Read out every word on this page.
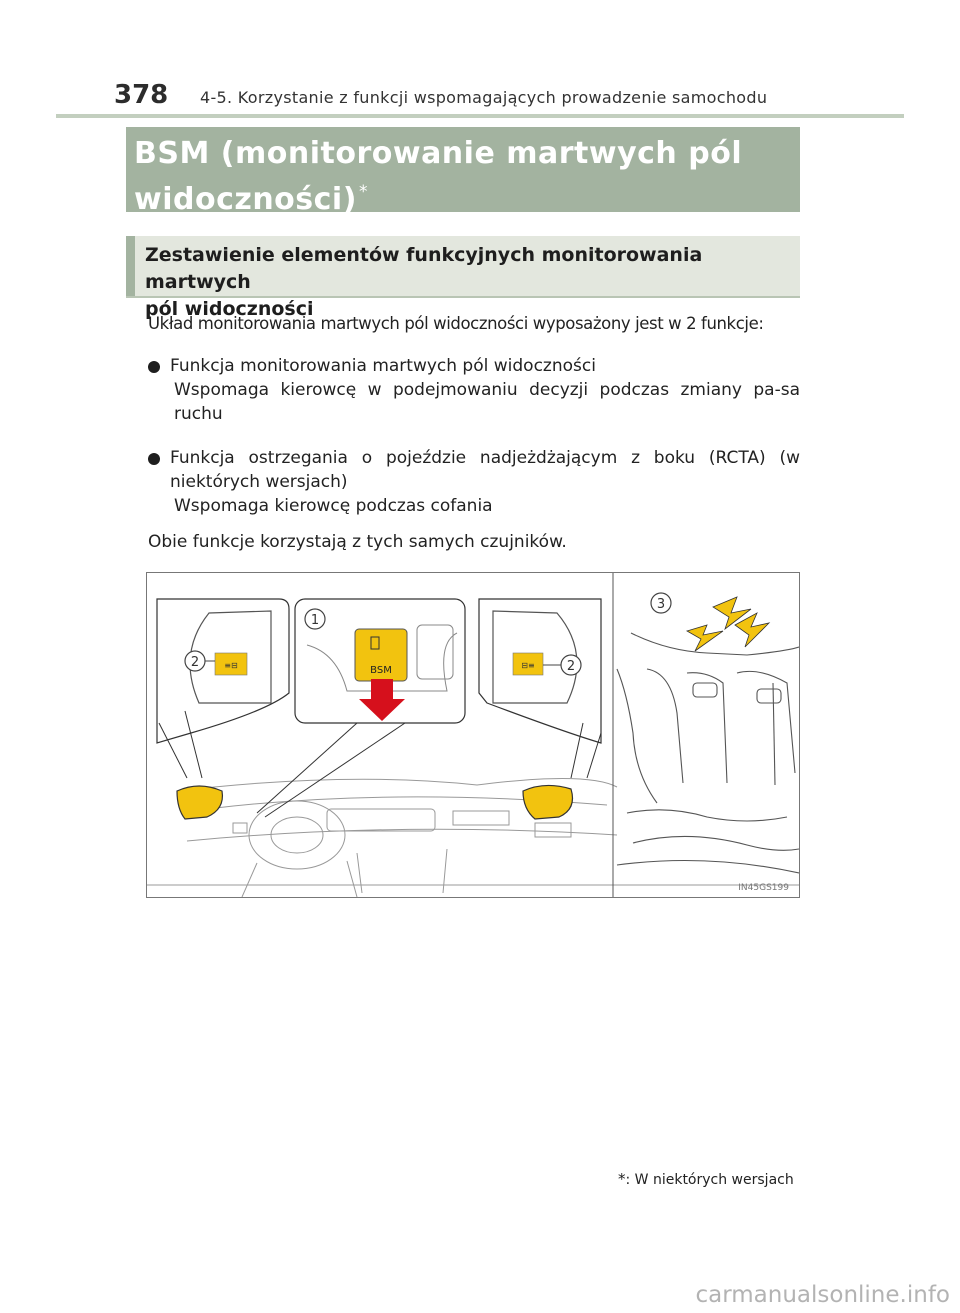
378 4-5. Korzystanie z funkcji wspomagających prowadzenie samochodu
BSM (monitorowanie martwych pól
widoczności) *
Zestawienie elementów funkcyjnych monitorowania martwych
pól widoczności
Układ monitorowania martwych pól widoczności wyposażony jest w 2 funkcje:
Funkcja monitorowania martwych pól widoczności
Wspomaga kierowcę w podejmowaniu decyzji podczas zmiany pa-sa ruchu
Funkcja ostrzegania o pojeździe nadjeżdżającym z boku (RCTA) (w niektórych wersjach)
Wspomaga kierowcę podczas cofania
Obie funkcje korzystają z tych samych czujników.
≡⊟	BSM	⊟≡
1
2	2
3
IN45GS199
*: W niektórych wersjach
carmanualsonline.info
